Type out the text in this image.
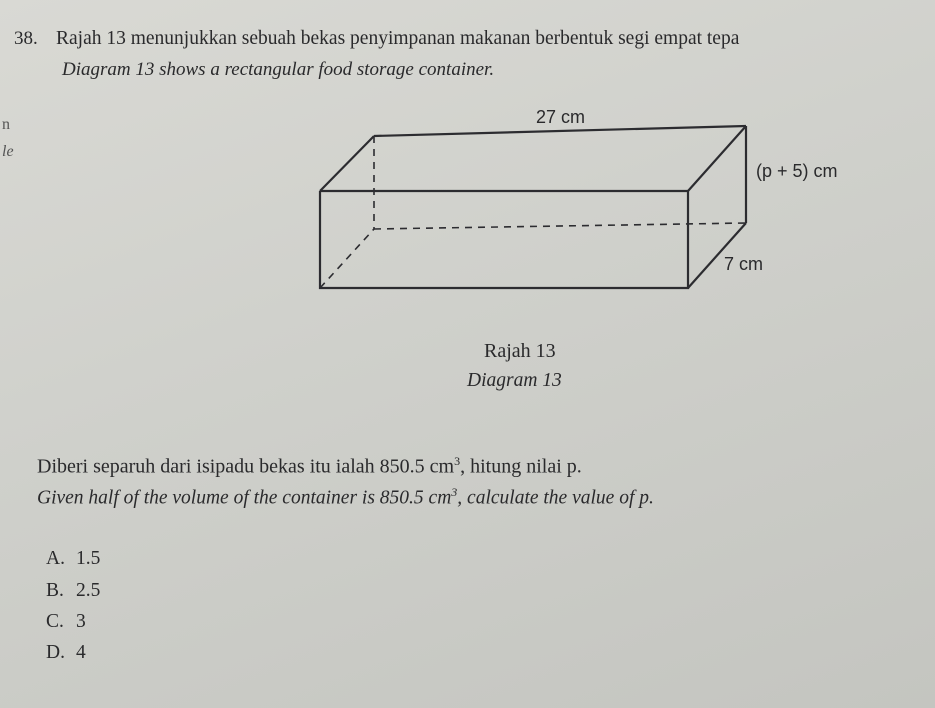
38. Rajah 13 menunjukkan sebuah bekas penyimpanan makanan berbentuk segi empat tepa
Diagram 13 shows a rectangular food storage container.
n
le
27 cm
(p + 5) cm
7 cm
Rajah 13
Diagram 13
Diberi separuh dari isipadu bekas itu ialah 850.5 $cm^3$, hitung nilai p.
Given half of the volume of the container is 850.5 $cm^3$, calculate the value of p.
A. 1.5
B. 2.5
C. 3
D. 4
